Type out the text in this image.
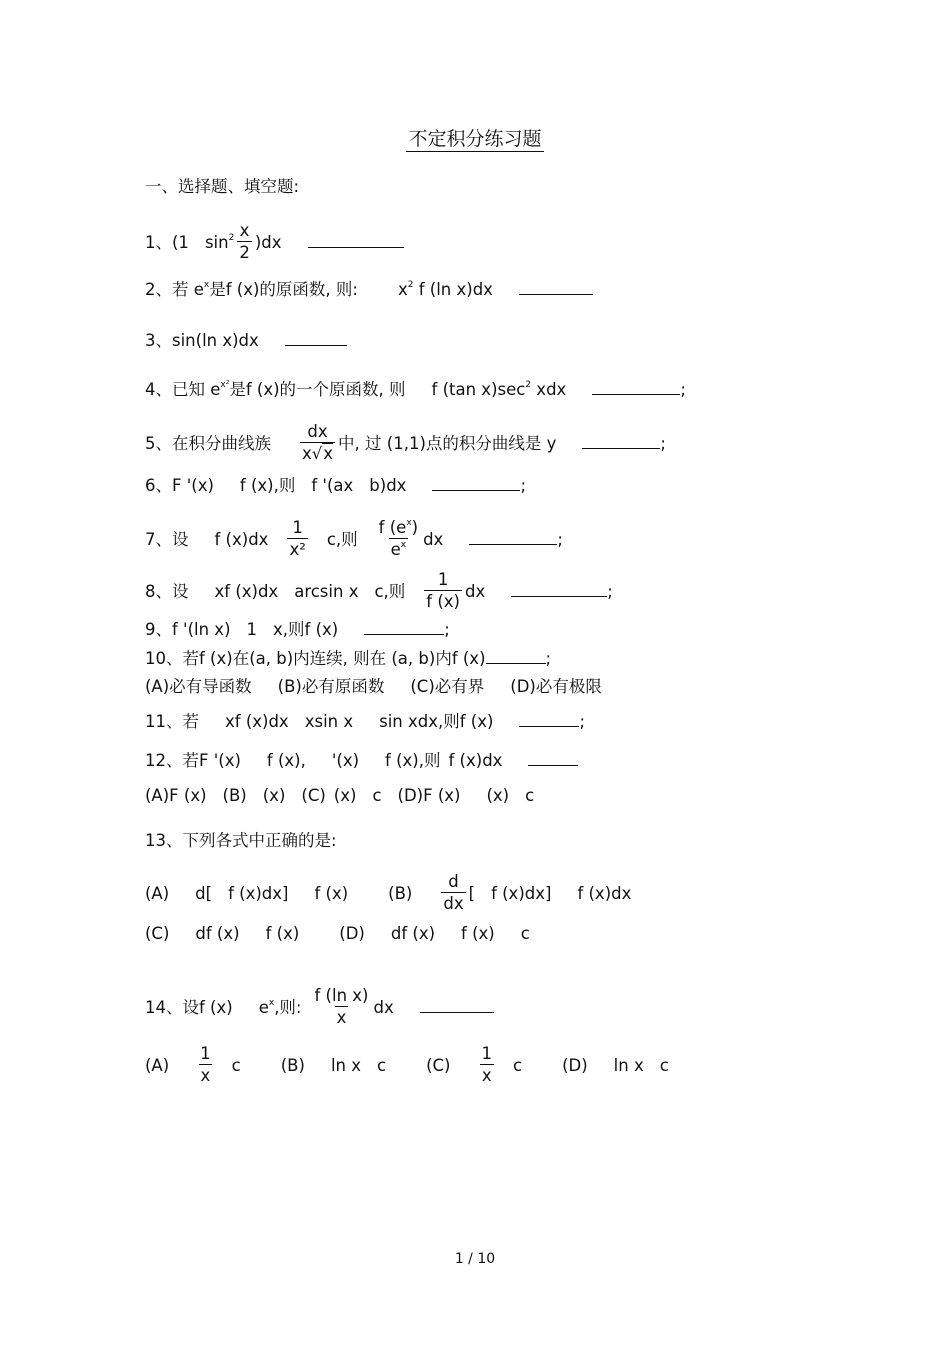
不定积分练习题
一、选择题、填空题:
1、(1 $\sin^2 \frac{x}{2} )dx$
2、若 $e^x$是f (x)的原函数, 则: $x^2$ f (ln x)dx
3、sin(ln x)dx
4、已知 $e^{x^2}$是f (x)的一个原函数, 则 f (tan $x)\sec^2$ xdx	;
5、在积分曲线族 $\frac{dx}{x√x}$ 中, 过 (1,1)点的积分曲线是 y	;
6、F '(x) f (x),则 f '(ax b)dx	;
7、设 f $(x)dx \frac{1}{\text{x²}} c$,则 $\frac{f (e^x)}{e^x}$ dx	;
8、设 xf (x)dx arcsin x c,则 $\frac{1}{f (x)}$ dx	;
9、f '(ln x) 1 x,则f (x)	;
10、若f (x)在(a, b)内连续, 则在 (a, b)内f (x)	;
(A)必有导函数 (B)必有原函数 (C)必有界 (D)必有极限
11、若 xf (x)dx xsin x sin xdx,则f (x)	;
12、若F '(x) f (x), '(x) f (x),则 f (x)dx
(A)F (x) (B) (x) (C) (x) c (D)F (x) (x) c
13、下列各式中正确的是:
(A) d[ f (x)dx] f (x) $(B) \frac{d}{dx}$ [ f (x)dx] f (x)dx
(C) df (x) f (x) (D) df (x) f (x) c
14、设f (x) $e^x$,则: $\frac{\text{f (ln x)}}{x}$ dx
$(A) \frac{1}{x}$ c (B) ln x c $(C) \frac{1}{x}$ c (D) ln x c
1 / 10
